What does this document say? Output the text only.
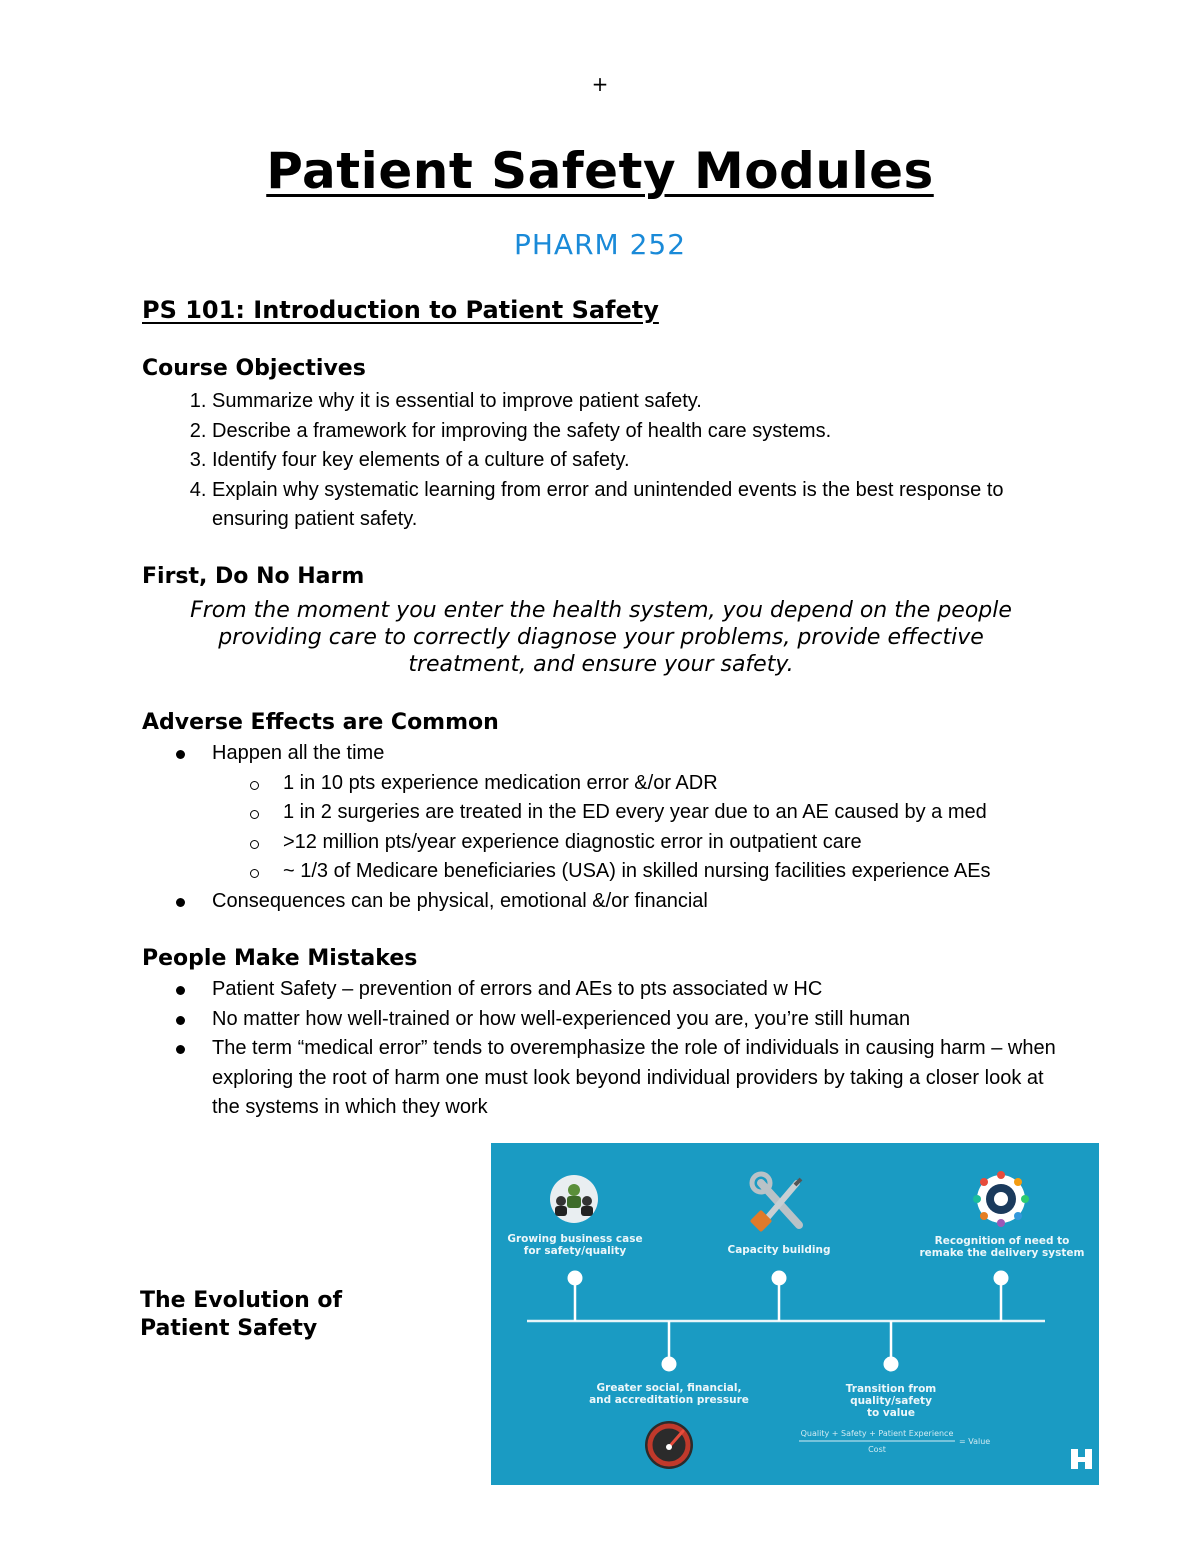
+
Patient Safety Modules
PHARM 252
PS 101: Introduction to Patient Safety
Course Objectives
1. Summarize why it is essential to improve patient safety.
2. Describe a framework for improving the safety of health care systems.
3. Identify four key elements of a culture of safety.
4. Explain why systematic learning from error and unintended events is the best response to ensuring patient safety.
First, Do No Harm
From the moment you enter the health system, you depend on the people
providing care to correctly diagnose your problems, provide effective
treatment, and ensure your safety.
Adverse Effects are Common
Happen all the time
1 in 10 pts experience medication error &/or ADR
1 in 2 surgeries are treated in the ED every year due to an AE caused by a med
>12 million pts/year experience diagnostic error in outpatient care
~ 1/3 of Medicare beneficiaries (USA) in skilled nursing facilities experience AEs
Consequences can be physical, emotional &/or financial
People Make Mistakes
Patient Safety – prevention of errors and AEs to pts associated w HC
No matter how well-trained or how well-experienced you are, you’re still human
The term “medical error” tends to overemphasize the role of individuals in causing harm – when exploring the root of harm one must look beyond individual providers by taking a closer look at the systems in which they work
The Evolution of
Patient Safety
Growing business case
for safety/quality	Capacity building
Recognition of need to
remake the delivery system
Greater social, financial,
and accreditation pressure
Transition from
quality/safety
to value
Quality + Safety + Patient Experience
Cost
= Value
